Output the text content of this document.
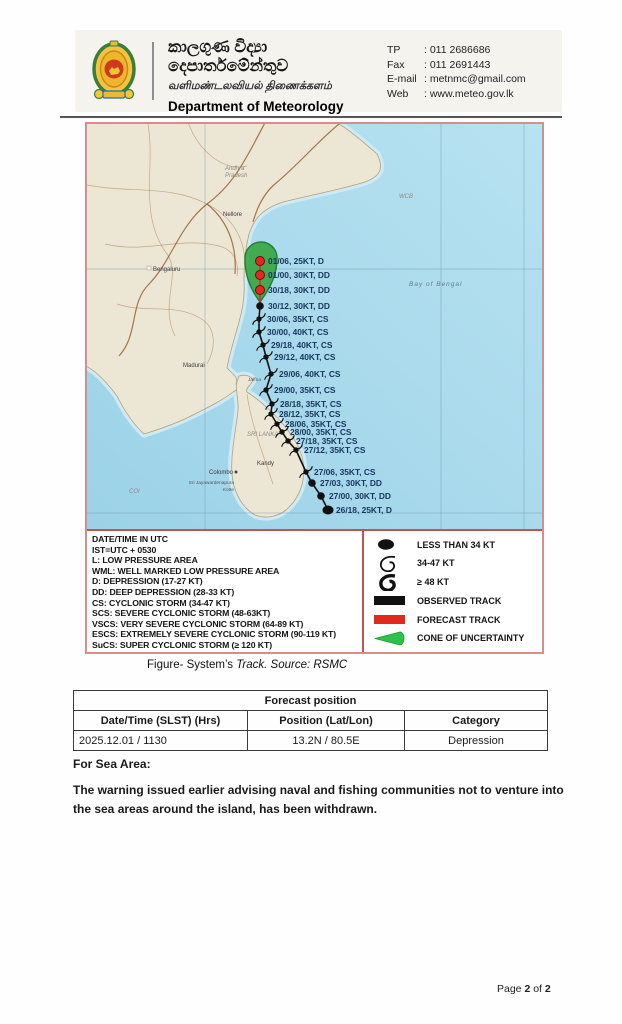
කාලගුණ විද්‍යා දෙපාර්තමේන්තුව
வளிமண்டலவியல் திணைக்களம்
Department of Meteorology
TP	: 011 2686686
Fax	: 011 2691443
E-mail : metnmc@gmail.com
Web	: www.meteo.gov.lk
Andhra
Pradesh
Nellore
WCB
Bengaluru
Bay of Bengal
Madurai
Jaffna
SRI LANKA
Kandy
Colombo
Sri Jayawardenapura
Kotte
COI
01/06, 25KT, D
01/00, 30KT, DD
30/18, 30KT, DD
30/12, 30KT, DD
30/06, 35KT, CS
30/00, 40KT, CS
29/18, 40KT, CS
29/12, 40KT, CS
29/06, 40KT, CS
29/00, 35KT, CS
28/18, 35KT, CS
28/12, 35KT, CS
28/06, 35KT, CS
28/00, 35KT, CS
27/18, 35KT, CS
27/12, 35KT, CS
27/06, 35KT, CS
27/03, 30KT, DD
27/00, 30KT, DD
26/18, 25KT, D
DATE/TIME IN UTC
IST=UTC + 0530
L: LOW PRESSURE AREA
WML: WELL MARKED LOW PRESSURE AREA
D: DEPRESSION (17-27 KT)
DD: DEEP DEPRESSION (28-33 KT)
CS: CYCLONIC STORM (34-47 KT)
SCS: SEVERE CYCLONIC STORM (48-63KT)
VSCS: VERY SEVERE CYCLONIC STORM (64-89 KT)
ESCS: EXTREMELY SEVERE CYCLONIC STORM (90-119 KT)
SuCS: SUPER CYCLONIC STORM (≥ 120 KT)
LESS THAN 34 KT
34-47 KT
≥ 48 KT
OBSERVED TRACK
FORECAST TRACK
CONE OF UNCERTAINTY
Figure- System’s Track. Source: RSMC
Forecast position		
Date/Time (SLST) (Hrs)	Position (Lat/Lon)	Category
2025.12.01 / 1130	13.2N / 80.5E	Depression
For Sea Area:
The warning issued earlier advising naval and fishing communities not to venture into the sea areas around the island, has been withdrawn.
Page 2 of 2
